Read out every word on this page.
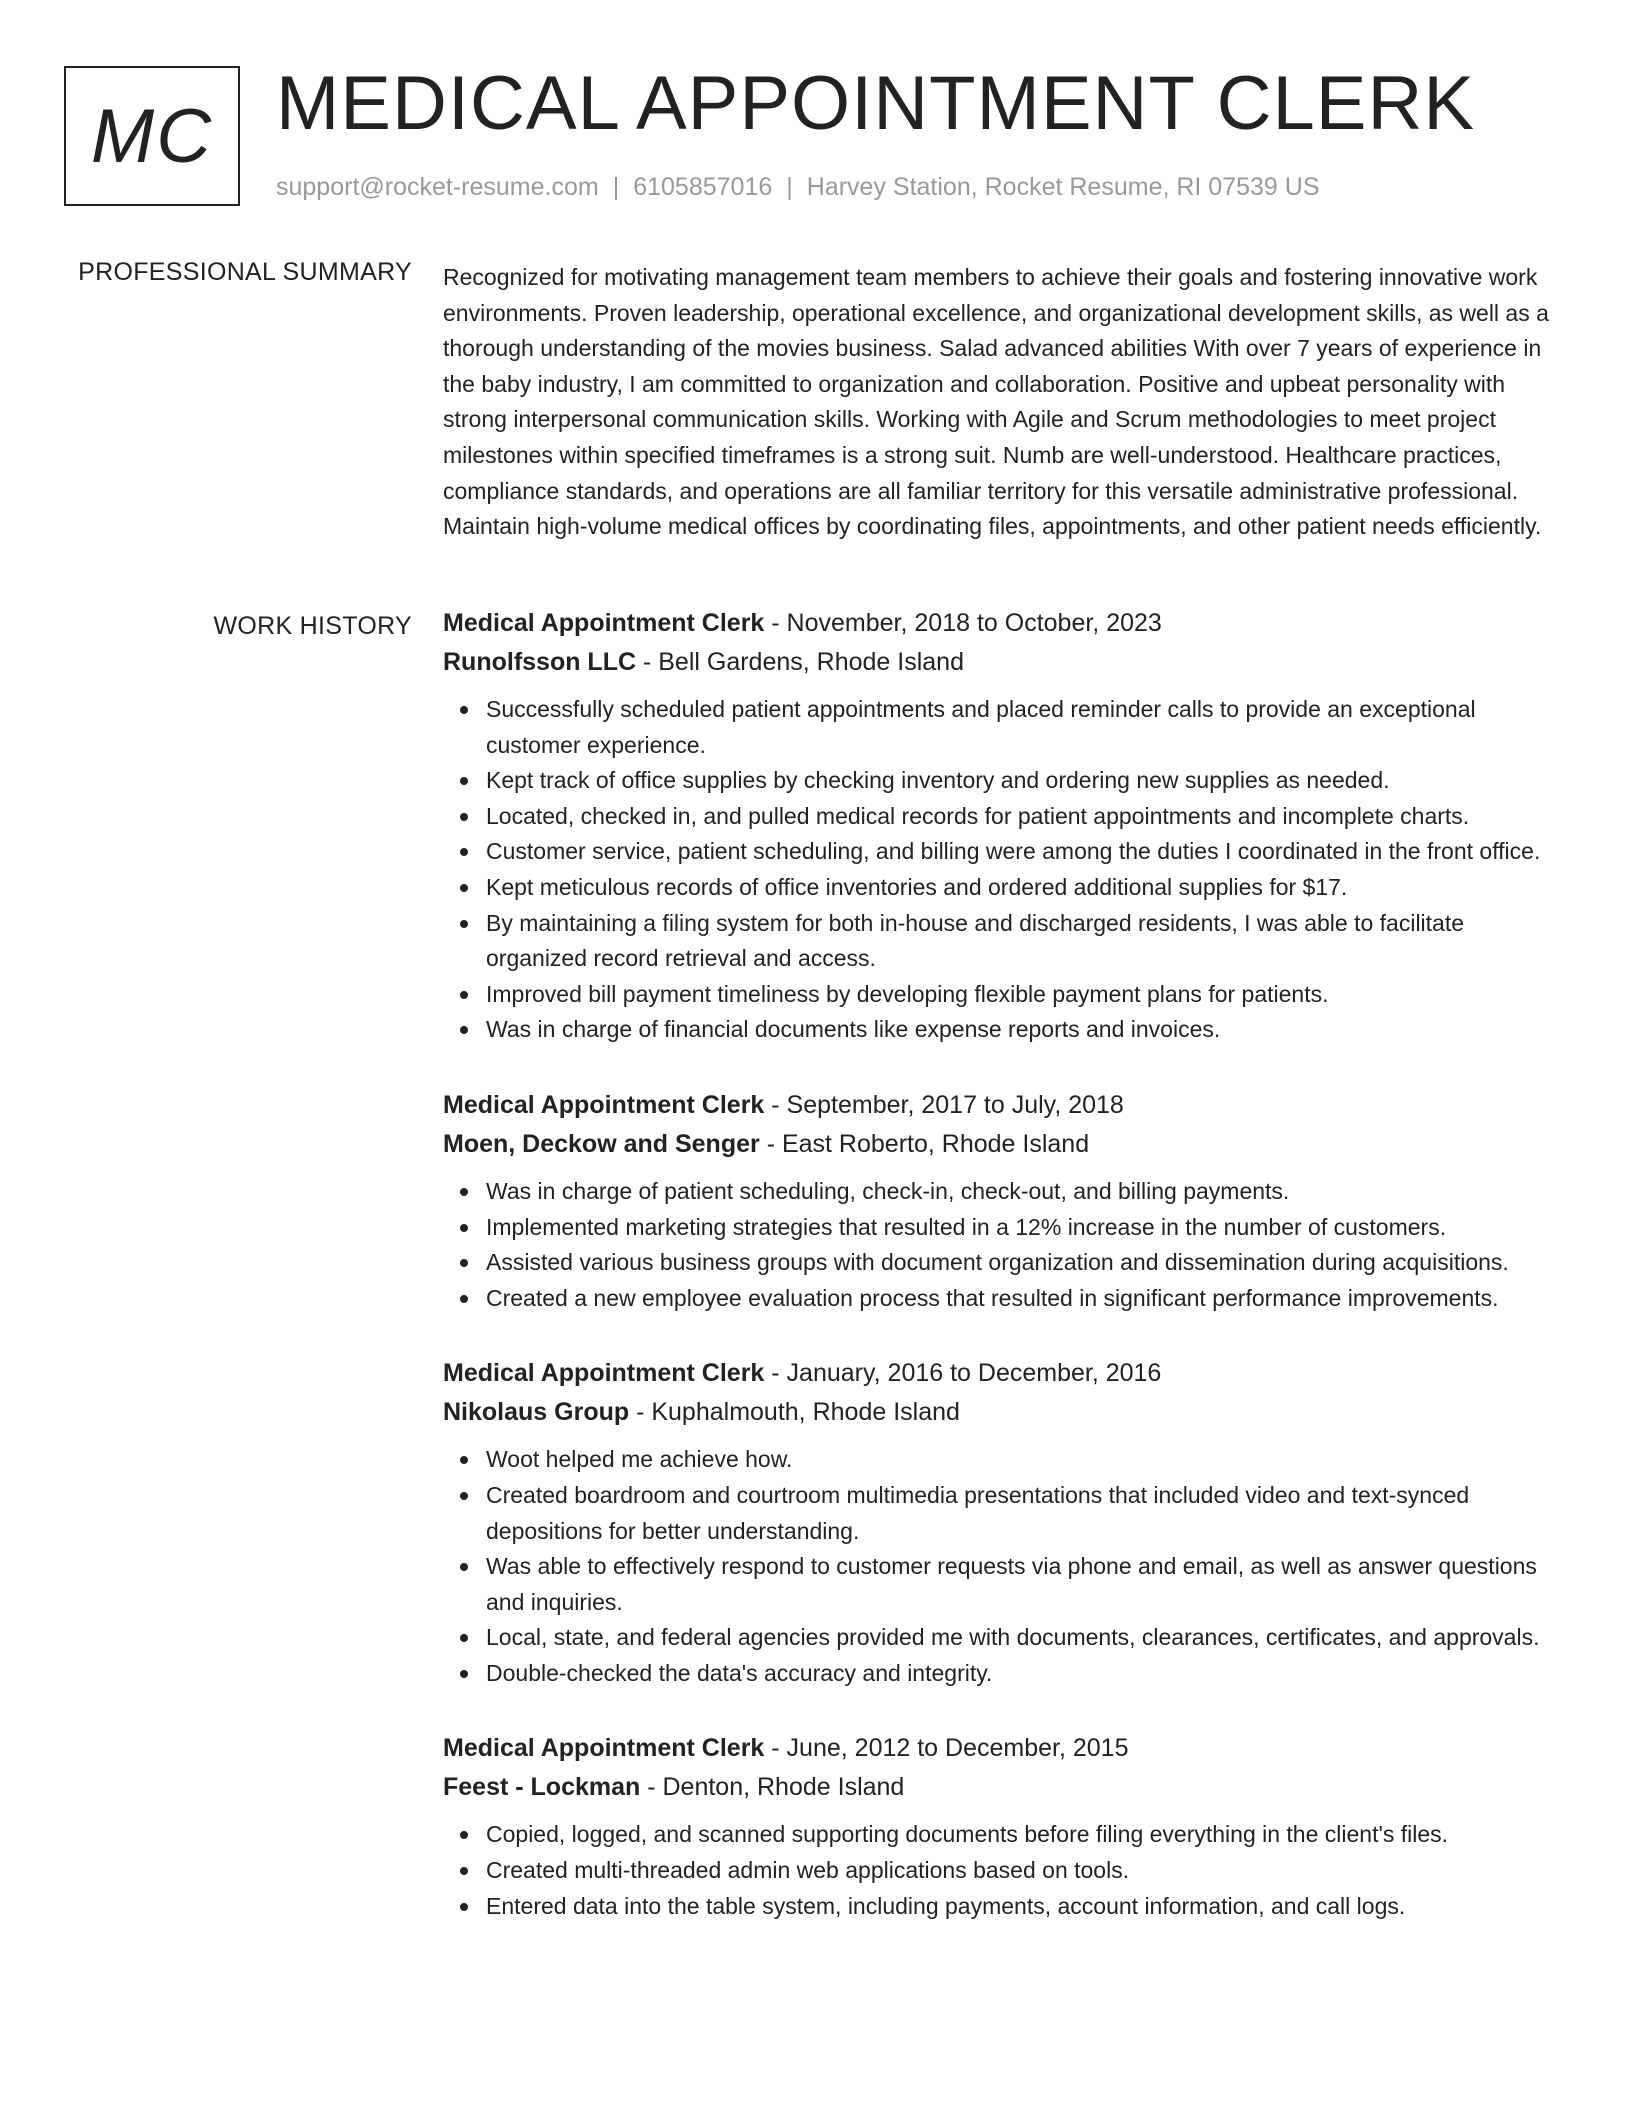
MC MEDICAL APPOINTMENT CLERK
support@rocket-resume.com | 6105857016 | Harvey Station, Rocket Resume, RI 07539 US
PROFESSIONAL SUMMARY Recognized for motivating management team members to achieve their goals and fostering innovative work environments. Proven leadership, operational excellence, and organizational development skills, as well as a thorough understanding of the movies business. Salad advanced abilities With over 7 years of experience in the baby industry, I am committed to organization and collaboration. Positive and upbeat personality with strong interpersonal communication skills. Working with Agile and Scrum methodologies to meet project milestones within specified timeframes is a strong suit. Numb are well-understood. Healthcare practices, compliance standards, and operations are all familiar territory for this versatile administrative professional. Maintain high-volume medical offices by coordinating files, appointments, and other patient needs efficiently.

WORK HISTORY Medical Appointment Clerk - November, 2018 to October, 2023
Runolfsson LLC - Bell Gardens, Rhode Island
Successfully scheduled patient appointments and placed reminder calls to provide an exceptional customer experience.
Kept track of office supplies by checking inventory and ordering new supplies as needed.
Located, checked in, and pulled medical records for patient appointments and incomplete charts.
Customer service, patient scheduling, and billing were among the duties I coordinated in the front office.
Kept meticulous records of office inventories and ordered additional supplies for $17.
By maintaining a filing system for both in-house and discharged residents, I was able to facilitate organized record retrieval and access.
Improved bill payment timeliness by developing flexible payment plans for patients.
Was in charge of financial documents like expense reports and invoices.
Medical Appointment Clerk - September, 2017 to July, 2018
Moen, Deckow and Senger - East Roberto, Rhode Island
Was in charge of patient scheduling, check-in, check-out, and billing payments.
Implemented marketing strategies that resulted in a 12% increase in the number of customers.
Assisted various business groups with document organization and dissemination during acquisitions.
Created a new employee evaluation process that resulted in significant performance improvements.
Medical Appointment Clerk - January, 2016 to December, 2016
Nikolaus Group - Kuphalmouth, Rhode Island
Woot helped me achieve how.
Created boardroom and courtroom multimedia presentations that included video and text-synced depositions for better understanding.
Was able to effectively respond to customer requests via phone and email, as well as answer questions and inquiries.
Local, state, and federal agencies provided me with documents, clearances, certificates, and approvals.
Double-checked the data's accuracy and integrity.
Medical Appointment Clerk - June, 2012 to December, 2015
Feest - Lockman - Denton, Rhode Island
Copied, logged, and scanned supporting documents before filing everything in the client's files.
Created multi-threaded admin web applications based on tools.
Entered data into the table system, including payments, account information, and call logs.
